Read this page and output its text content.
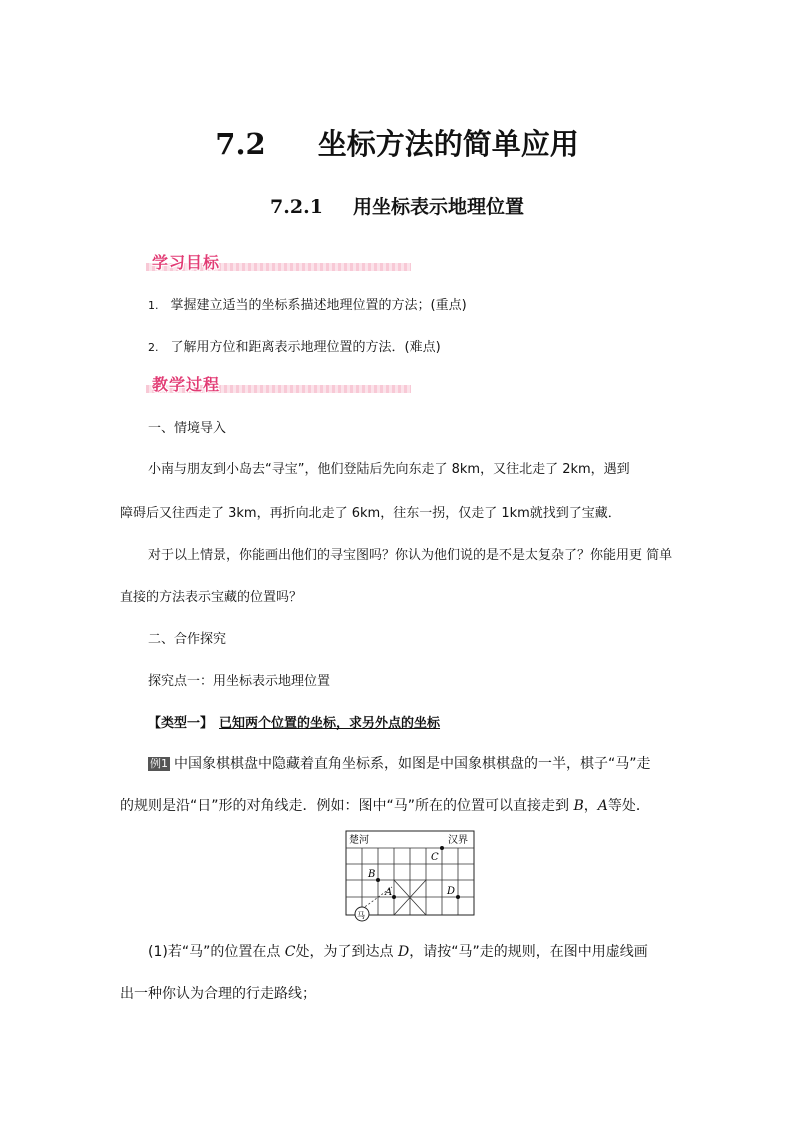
7.2 坐标方法的简单应用
7.2.1 用坐标表示地理位置
学习目标
1. 掌握建立适当的坐标系描述地理位置的方法；(重点)
2. 了解用方位和距离表示地理位置的方法．(难点)
教学过程
一、情境导入
小南与朋友到小岛去“寻宝”，他们登陆后先向东走了 8km，又往北走了 2km，遇到
障碍后又往西走了 3km，再折向北走了 6km，往东一拐，仅走了 1km就找到了宝藏．
对于以上情景，你能画出他们的寻宝图吗？你认为他们说的是不是太复杂了？你能用更 简单
直接的方法表示宝藏的位置吗？
二、合作探究
探究点一：用坐标表示地理位置
【类型一】 已知两个位置的坐标，求另外点的坐标
例1 中国象棋棋盘中隐藏着直角坐标系，如图是中国象棋棋盘的一半，棋子“马”走
的规则是沿“日”形的对角线走．例如：图中“马”所在的位置可以直接走到 B，A等处．
楚河	汉界
B
A
C
D
马
(1)若“马”的位置在点 C处，为了到达点 D，请按“马”走的规则，在图中用虚线画
出一种你认为合理的行走路线；
